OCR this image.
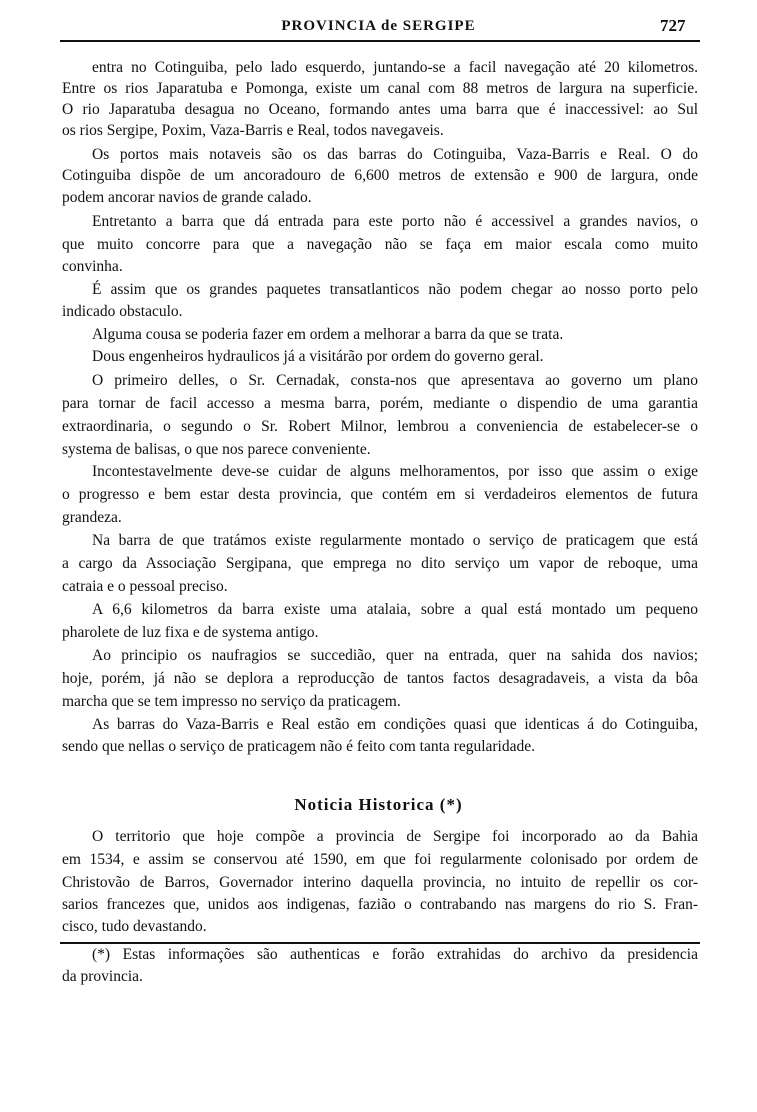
PROVINCIA de SERGIPE	727
entra no Cotinguiba, pelo lado esquerdo, juntando-se a facil navegação até 20 kilometros.
Entre os rios Japaratuba e Pomonga, existe um canal com 88 metros de largura na superficie.
O rio Japaratuba desagua no Oceano, formando antes uma barra que é inaccessivel: ao Sul
os rios Sergipe, Poxim, Vaza-Barris e Real, todos navegaveis.
Os portos mais notaveis são os das barras do Cotinguiba, Vaza-Barris e Real. O do
Cotinguiba dispõe de um ancoradouro de 6,600 metros de extensão e 900 de largura, onde
podem ancorar navios de grande calado.
Entretanto a barra que dá entrada para este porto não é accessivel a grandes navios, o
que muito concorre para que a navegação não se faça em maior escala como muito
convinha.
É assim que os grandes paquetes transatlanticos não podem chegar ao nosso porto pelo
indicado obstaculo.
Alguma cousa se poderia fazer em ordem a melhorar a barra da que se trata.
Dous engenheiros hydraulicos já a visitárão por ordem do governo geral.
O primeiro delles, o Sr. Cernadak, consta-nos que apresentava ao governo um plano
para tornar de facil accesso a mesma barra, porém, mediante o dispendio de uma garantia
extraordinaria, o segundo o Sr. Robert Milnor, lembrou a conveniencia de estabelecer-se o
systema de balisas, o que nos parece conveniente.
Incontestavelmente deve-se cuidar de alguns melhoramentos, por isso que assim o exige
o progresso e bem estar desta provincia, que contém em si verdadeiros elementos de futura
grandeza.
Na barra de que tratámos existe regularmente montado o serviço de praticagem que está
a cargo da Associação Sergipana, que emprega no dito serviço um vapor de reboque, uma
catraia e o pessoal preciso.
A 6,6 kilometros da barra existe uma atalaia, sobre a qual está montado um pequeno
pharolete de luz fixa e de systema antigo.
Ao principio os naufragios se succedião, quer na entrada, quer na sahida dos navios;
hoje, porém, já não se deplora a reproducção de tantos factos desagradaveis, a vista da bôa
marcha que se tem impresso no serviço da praticagem.
As barras do Vaza-Barris e Real estão em condições quasi que identicas á do Cotinguiba,
sendo que nellas o serviço de praticagem não é feito com tanta regularidade.
Noticia Historica (*)
O territorio que hoje compõe a provincia de Sergipe foi incorporado ao da Bahia
em 1534, e assim se conservou até 1590, em que foi regularmente colonisado por ordem de
Christovão de Barros, Governador interino daquella provincia, no intuito de repellir os cor-
sarios francezes que, unidos aos indigenas, fazião o contrabando nas margens do rio S. Fran-
cisco, tudo devastando.
(*) Estas informações são authenticas e forão extrahidas do archivo da presidencia
da provincia.
